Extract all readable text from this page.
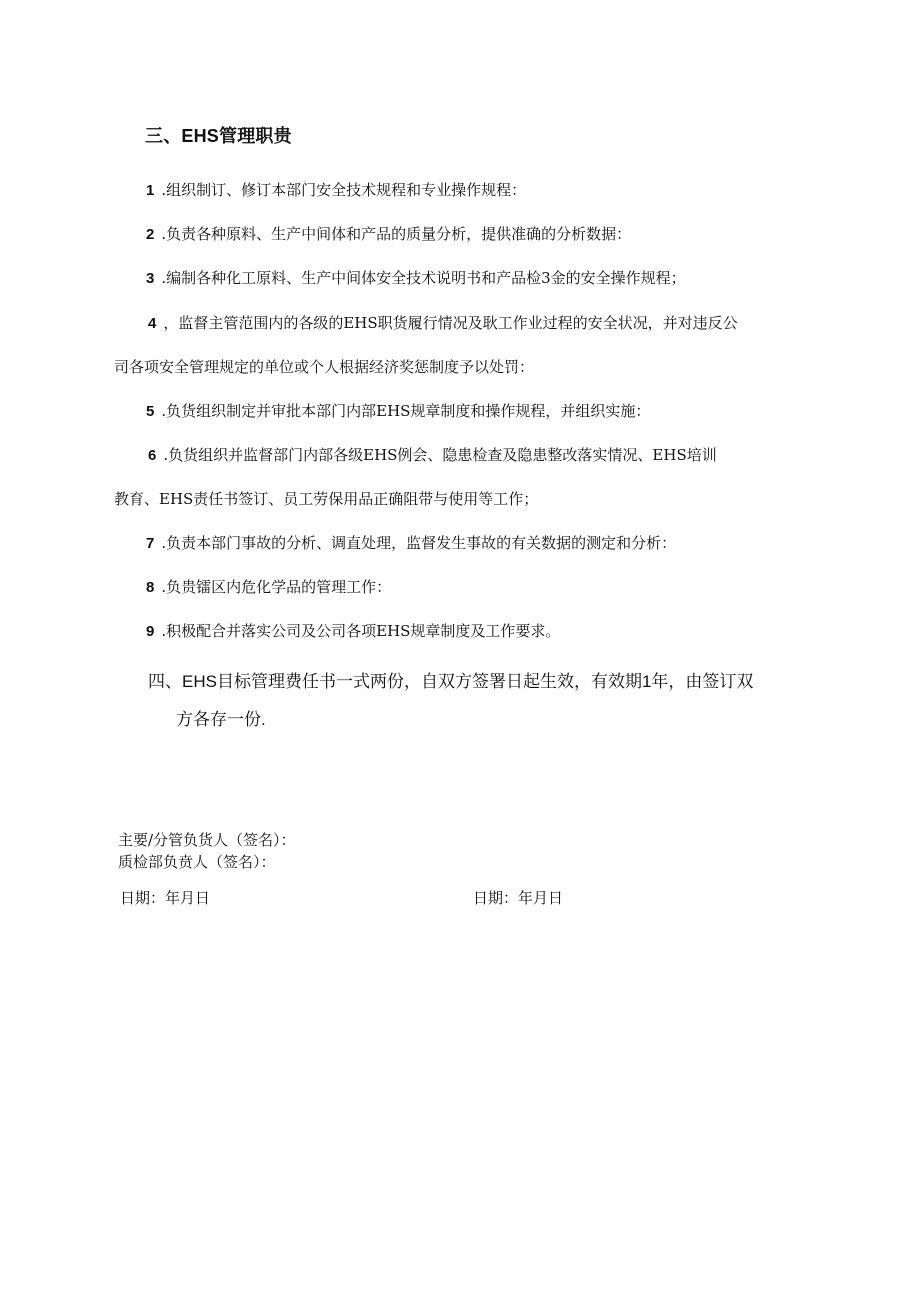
三、EHS管理职贵
1 .组织制订、修订本部门安全技术规程和专业操作规程：
2 .负责各种原料、生产中间体和产品的质量分析，提供准确的分析数据：
3 .编制各种化工原料、生产中间体安全技术说明书和产品检3金的安全操作规程；
4 ，监督主管范围内的各级的EHS职货履行情况及耿工作业过程的安全状况，并对违反公
司各项安全管理规定的单位或个人根据经济奖惩制度予以处罚：
5 .负货组织制定并审批本部门内部EHS规章制度和操作规程，并组织实施：
6 .负货组织并监督部门内部各级EHS例会、隐患检查及隐患整改落实情况、EHS培训
教育、EHS责任书签订、员工劳保用品正确阻带与使用等工作；
7 .负责本部门事故的分析、调直处理，监督发生事故的有关数据的测定和分析：
8 .负贵镭区内危化学品的管理工作：
9 .积极配合并落实公司及公司各项EHS规章制度及工作要求。
四、EHS目标管理费任书一式两份，自双方签署日起生效，有效期1年，由签订双
方各存一份.
主要/分管负货人（签名）：
质检部负贲人（签名）：
日期：年月日	日期：年月日
